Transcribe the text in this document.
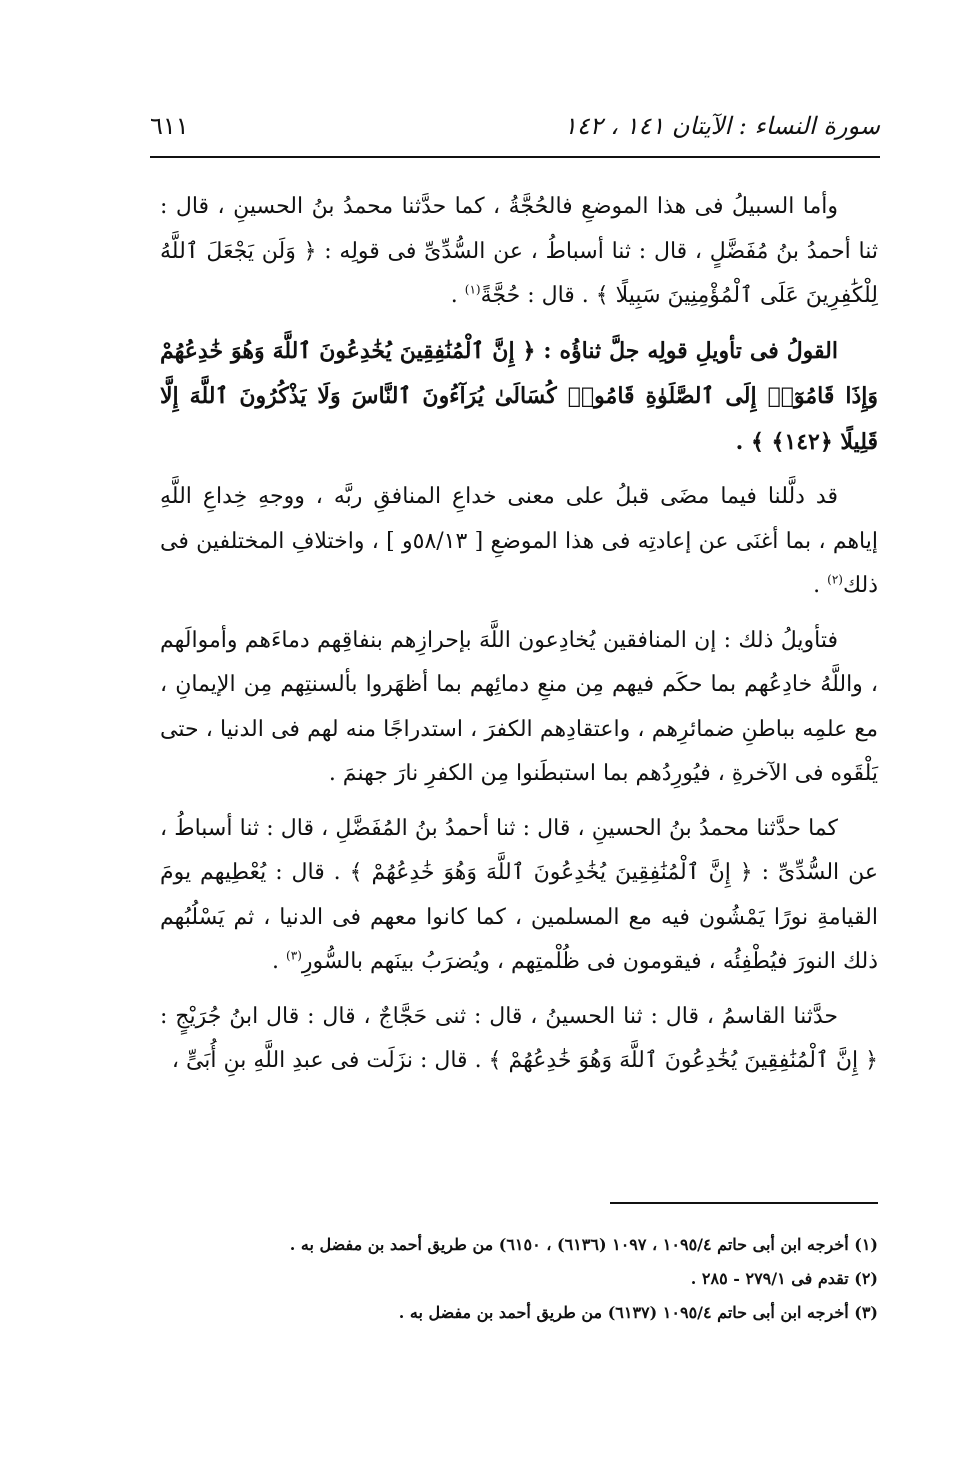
سورة النساء : الآيتان ١٤١ ، ١٤٢
٦١١

وأما السبيلُ فى هذا الموضعِ فالحُجَّةُ ، كما حدَّثنا محمدُ بنُ الحسينِ ، قال : ثنا أحمدُ بنُ مُفَضَّلٍ ، قال : ثنا أسباطُ ، عن السُّدِّىِّ فى قولِه : ﴿ وَلَن يَجْعَلَ ٱللَّهُ لِلْكَٰفِرِينَ عَلَى ٱلْمُؤْمِنِينَ سَبِيلًا ﴾ . قال : حُجَّةً$^{(١)}$ .

القولُ فى تأويلِ قولِه جلَّ ثناؤُه : ﴿ إِنَّ ٱلْمُنَٰفِقِينَ يُخَٰدِعُونَ ٱللَّهَ وَهُوَ خَٰدِعُهُمْ وَإِذَا قَامُوٓا۟ إِلَى ٱلصَّلَوٰةِ قَامُوا۟ كُسَالَىٰ يُرَآءُونَ ٱلنَّاسَ وَلَا يَذْكُرُونَ ٱللَّهَ إِلَّا قَلِيلًا ﴿١٤٢﴾ ﴾ .

قد دلَّلنا فيما مضَى قبلُ على معنى خداعِ المنافقِ ربَّه ، ووجهِ خِداعِ اللَّهِ إياهم ، بما أغنَى عن إعادتِه فى هذا الموضعِ [ ٥٨/١٣و ] ، واختلافِ المختلفين فى ذلك$^{(٢)}$ .

فتأويلُ ذلك : إن المنافقين يُخادِعون اللَّهَ بإحرازِهم بنفاقِهم دماءَهم وأموالَهم ، واللَّهُ خادِعُهم بما حكَم فيهم مِن منعِ دمائِهم بما أظهَروا بألسنتِهم مِن الإيمانِ ، مع علمِه بباطنِ ضمائرِهم ، واعتقادِهم الكفرَ ، استدراجًا منه لهم فى الدنيا ، حتى يَلْقَوه فى الآخرةِ ، فيُورِدُهم بما استبطَنوا مِن الكفرِ نارَ جهنمَ .

كما حدَّثنا محمدُ بنُ الحسينِ ، قال : ثنا أحمدُ بنُ المُفَضَّلِ ، قال : ثنا أسباطُ ، عن السُّدِّىِّ : ﴿ إِنَّ ٱلْمُنَٰفِقِينَ يُخَٰدِعُونَ ٱللَّهَ وَهُوَ خَٰدِعُهُمْ ﴾ . قال : يُعْطِيهم يومَ القيامةِ نورًا يَمْشُون فيه مع المسلمين ، كما كانوا معهم فى الدنيا ، ثم يَسْلُبُهم ذلك النورَ فيُطْفِئُه ، فيقومون فى ظُلْمتِهم ، ويُضرَبُ بينَهم بالسُّورِ$^{(٣)}$ .

حدَّثنا القاسمُ ، قال : ثنا الحسينُ ، قال : ثنى حَجَّاجٌ ، قال : قال ابنُ جُرَيْجٍ : ﴿ إِنَّ ٱلْمُنَٰفِقِينَ يُخَٰدِعُونَ ٱللَّهَ وَهُوَ خَٰدِعُهُمْ ﴾ . قال : نزَلَت فى عبدِ اللَّهِ بنِ أُبَىٍّ ،

(١) أخرجه ابن أبى حاتم ١٠٩٥/٤ ، ١٠٩٧ (٦١٣٦) ، ٦١٥٠) من طريق أحمد بن مفضل به .

(٢) تقدم فى ٢٧٩/١ - ٢٨٥ .

(٣) أخرجه ابن أبى حاتم ١٠٩٥/٤ (٦١٣٧) من طريق أحمد بن مفضل به .
